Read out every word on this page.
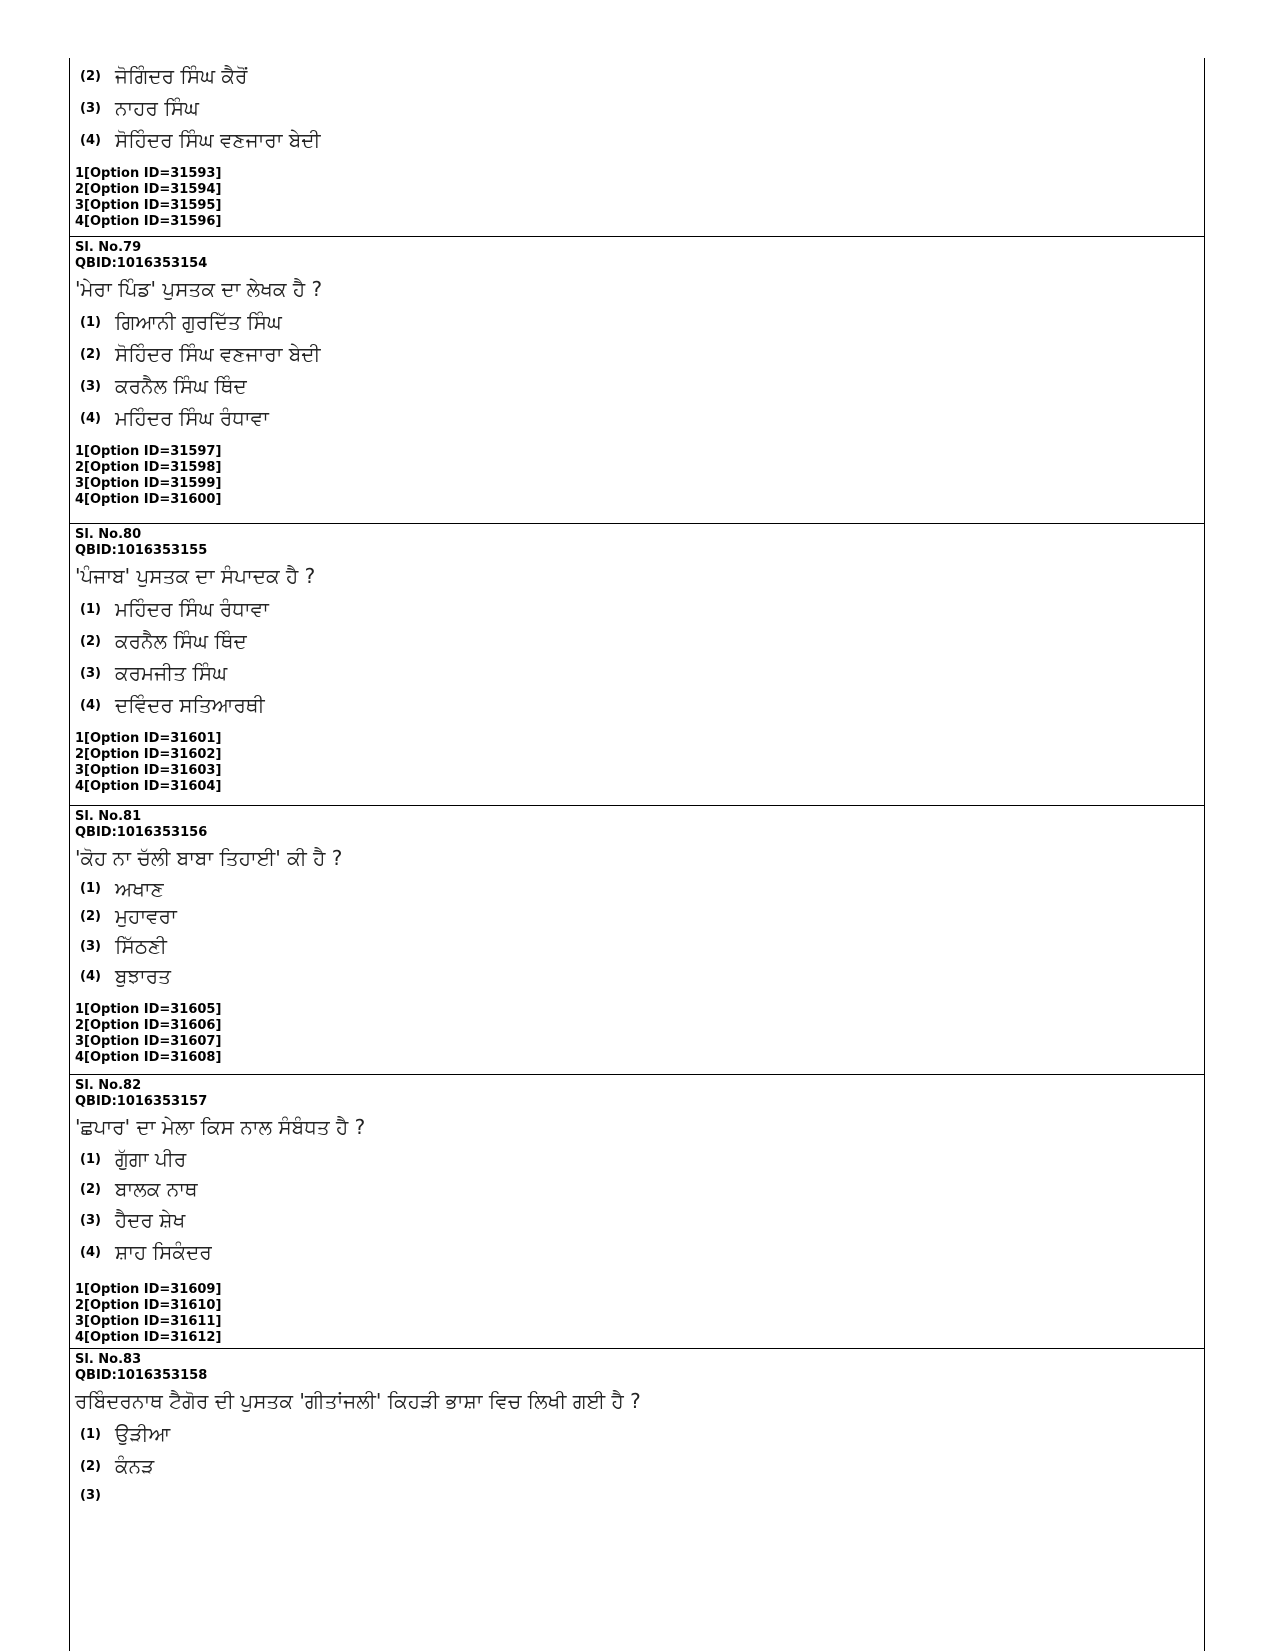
(2) ਜੋਗਿੰਦਰ ਸਿੰਘ ਕੈਰੋਂ
(3) ਨਾਹਰ ਸਿੰਘ
(4) ਸੋਹਿੰਦਰ ਸਿੰਘ ਵਣਜਾਰਾ ਬੇਦੀ
1[Option ID=31593]
2[Option ID=31594]
3[Option ID=31595]
4[Option ID=31596]
Sl. No.79
QBID:1016353154
'ਮੇਰਾ ਪਿੰਡ' ਪੁਸਤਕ ਦਾ ਲੇਖਕ ਹੈ ?
(1) ਗਿਆਨੀ ਗੁਰਦਿੱਤ ਸਿੰਘ
(2) ਸੋਹਿੰਦਰ ਸਿੰਘ ਵਣਜਾਰਾ ਬੇਦੀ
(3) ਕਰਨੈਲ ਸਿੰਘ ਥਿੰਦ
(4) ਮਹਿੰਦਰ ਸਿੰਘ ਰੰਧਾਵਾ
1[Option ID=31597]
2[Option ID=31598]
3[Option ID=31599]
4[Option ID=31600]
Sl. No.80
QBID:1016353155
'ਪੰਜਾਬ' ਪੁਸਤਕ ਦਾ ਸੰਪਾਦਕ ਹੈ ?
(1) ਮਹਿੰਦਰ ਸਿੰਘ ਰੰਧਾਵਾ
(2) ਕਰਨੈਲ ਸਿੰਘ ਥਿੰਦ
(3) ਕਰਮਜੀਤ ਸਿੰਘ
(4) ਦਵਿੰਦਰ ਸਤਿਆਰਥੀ
1[Option ID=31601]
2[Option ID=31602]
3[Option ID=31603]
4[Option ID=31604]
Sl. No.81
QBID:1016353156
'ਕੋਹ ਨਾ ਚੱਲੀ ਬਾਬਾ ਤਿਹਾਈ' ਕੀ ਹੈ ?
(1) ਅਖਾਣ
(2) ਮੁਹਾਵਰਾ
(3) ਸਿੱਠਣੀ
(4) ਬੁਝਾਰਤ
1[Option ID=31605]
2[Option ID=31606]
3[Option ID=31607]
4[Option ID=31608]
Sl. No.82
QBID:1016353157
'ਛਪਾਰ' ਦਾ ਮੇਲਾ ਕਿਸ ਨਾਲ ਸੰਬੰਧਤ ਹੈ ?
(1) ਗੁੱਗਾ ਪੀਰ
(2) ਬਾਲਕ ਨਾਥ
(3) ਹੈਦਰ ਸ਼ੇਖ
(4) ਸ਼ਾਹ ਸਿਕੰਦਰ
1[Option ID=31609]
2[Option ID=31610]
3[Option ID=31611]
4[Option ID=31612]
Sl. No.83
QBID:1016353158
ਰਬਿੰਦਰਨਾਥ ਟੈਗੋਰ ਦੀ ਪੁਸਤਕ 'ਗੀਤਾਂਜਲੀ' ਕਿਹੜੀ ਭਾਸ਼ਾ ਵਿਚ ਲਿਖੀ ਗਈ ਹੈ ?
(1) ਉੜੀਆ
(2) ਕੰਨੜ
(3)
